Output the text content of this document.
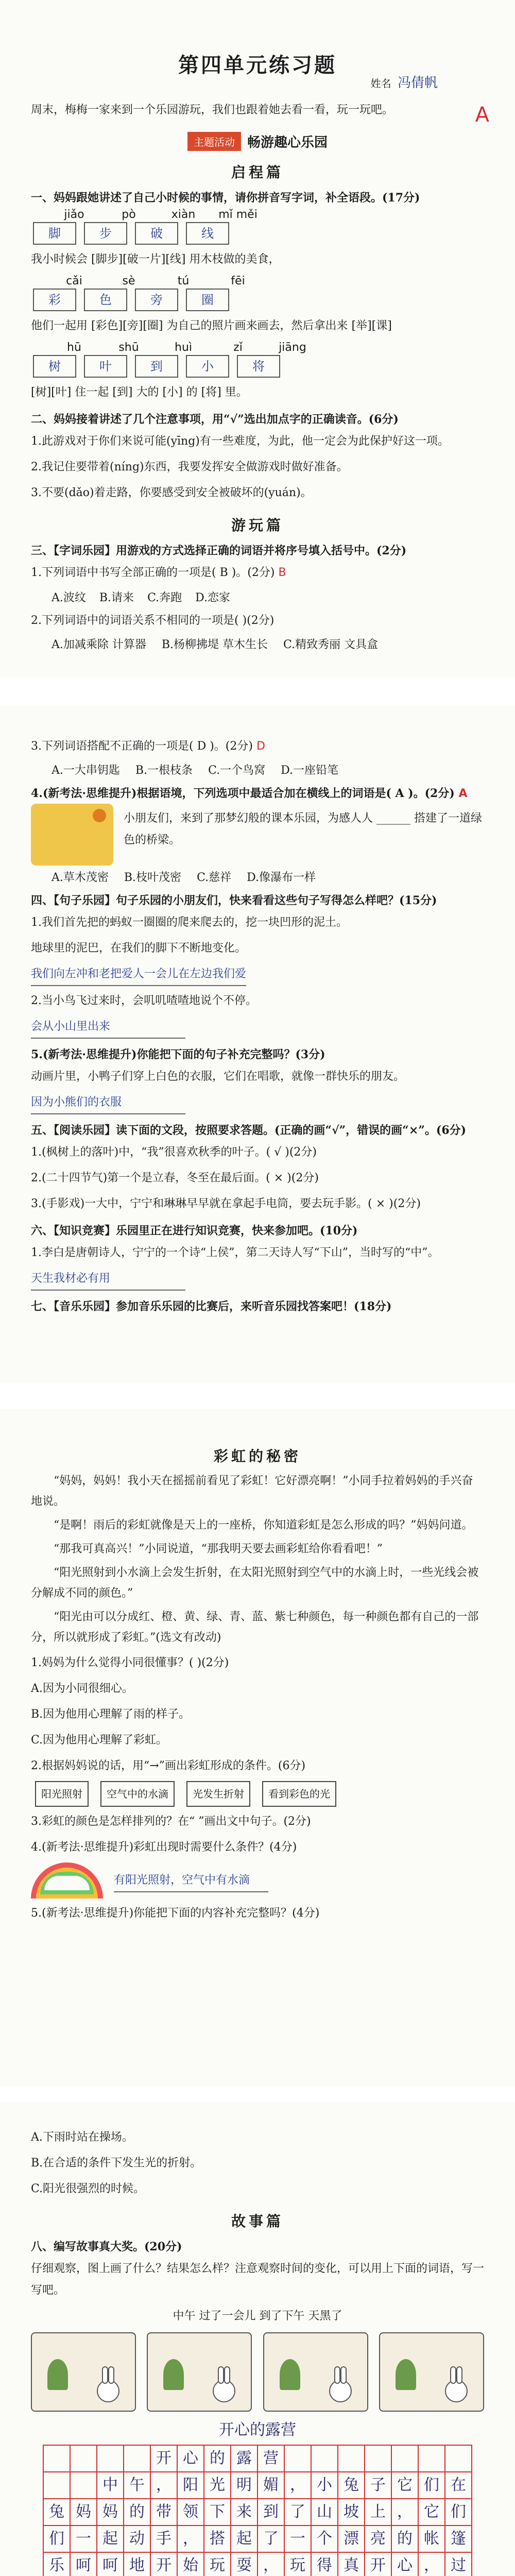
第四单元练习题
姓名 冯倩帆
A
周末，梅梅一家来到一个乐园游玩，我们也跟着她去看一看，玩一玩吧。
主题活动 畅游趣心乐园
启程篇
一、妈妈跟她讲述了自己小时候的事情，请你拼音写字词，补全语段。(17分)
jiǎo	pò	xiàn	mǐ měi
脚	步	破	线
我小时候会 [脚步][破一片][线] 用木枝做的美食，
cǎi	sè	tú	fēi
彩	色	旁	圈
他们一起用 [彩色][旁][圈] 为自己的照片画来画去，然后拿出来 [举][课]
hū	shū	huì	zǐ	jiāng
树	叶	到	小	将
[树][叶] 住一起 [到] 大的 [小] 的 [将] 里。
二、妈妈接着讲述了几个注意事项，用“√”选出加点字的正确读音。(6分)
1.此游戏对于你们来说可能(yīng)有一些难度，为此，他一定会为此保护好这一项。
2.我记住要带着(níng)东西，我要发挥安全做游戏时做好准备。
3.不要(dǎo)着走路，你要感受到安全被破坏的(yuán)。
游玩篇
三、【字词乐园】用游戏的方式选择正确的词语并将序号填入括号中。(2分)
1.下列词语中书写全部正确的一项是( B )。(2分) B
A.波纹 B.请来 C.奔跑 D.恋家
2.下列词语中的词语关系不相同的一项是( )(2分)
A.加减乘除 计算器 B.杨柳拂堤 草木生长 C.精致秀丽 文具盒
3.下列词语搭配不正确的一项是( D )。(2分) D
A.一大串钥匙 B.一根枝条 C.一个鸟窝 D.一座铅笔
4.(新考法·思维提升)根据语境，下列选项中最适合加在横线上的词语是( A )。(2分) A
小朋友们，来到了那梦幻般的课本乐园，为感人人 ______ 搭建了一道绿色的桥梁。
A.草木茂密 B.枝叶茂密 C.慈祥 D.像瀑布一样
四、【句子乐园】句子乐园的小朋友们，快来看看这些句子写得怎么样吧？(15分)
1.我们首先把的蚂蚁一圈圈的爬来爬去的，挖一块凹形的泥土。
地球里的泥巴，在我们的脚下不断地变化。
我们向左冲和老把爱人一会儿在左边我们爱
2.当小鸟飞过来时，会叽叽喳喳地说个不停。
会从小山里出来
5.(新考法·思维提升)你能把下面的句子补充完整吗？(3分)
动画片里，小鸭子们穿上白色的衣服，它们在唱歌，就像一群快乐的朋友。
因为小熊们的衣服
五、【阅读乐园】读下面的文段，按照要求答题。(正确的画“√”，错误的画“×”。(6分)
1.(枫树上的落叶)中，“我”很喜欢秋季的叶子。( √ )(2分)
2.(二十四节气)第一个是立春，冬至在最后面。( × )(2分)
3.(手影戏)一大中，宁宁和琳琳早早就在拿起手电筒，要去玩手影。( × )(2分)
六、【知识竞赛】乐园里正在进行知识竞赛，快来参加吧。(10分)
1.李白是唐朝诗人，宁宁的一个诗“上侯”，第二天诗人写“下山”，当时写的“中”。
天生我材必有用
七、【音乐乐园】参加音乐乐园的比赛后，来听音乐园找答案吧！(18分)
彩虹的秘密
“妈妈，妈妈！我小天在摇摇前看见了彩虹！它好漂亮啊！”小同手拉着妈妈的手兴奋地说。
“是啊！雨后的彩虹就像是天上的一座桥，你知道彩虹是怎么形成的吗？”妈妈问道。
“那我可真高兴！”小同说道，“那我明天要去画彩虹给你看看吧！”
“阳光照射到小水滴上会发生折射，在太阳光照射到空气中的水滴上时，一些光线会被分解成不同的颜色。”
“阳光由可以分成红、橙、黄、绿、青、蓝、紫七种颜色，每一种颜色都有自己的一部分，所以就形成了彩虹。”(选文有改动)
1.妈妈为什么觉得小同很懂事？( )(2分)
A.因为小同很细心。
B.因为他用心理解了雨的样子。
C.因为他用心理解了彩虹。
2.根据妈妈说的话，用“→”画出彩虹形成的条件。(6分)
阳光照射 空气中的水滴 光发生折射 看到彩色的光
3.彩虹的颜色是怎样排列的？在“ ”画出文中句子。(2分)
4.(新考法·思维提升)彩虹出现时需要什么条件？(4分)
有阳光照射，空气中有水滴
5.(新考法·思维提升)你能把下面的内容补充完整吗？(4分)
A.下雨时站在操场。
B.在合适的条件下发生光的折射。
C.阳光很强烈的时候。
故事篇
八、编写故事真大奖。(20分)
仔细观察，图上画了什么？结果怎么样？注意观察时间的变化，可以用上下面的词语，写一写吧。
中午 过了一会儿 到了下午 天黑了
开心的露营

开 心 的 露 营

中 午 ， 阳 光 明 媚 ， 小 兔 子 它 们 在
兔 妈 妈 的 带 领 下 来 到 了 山 坡 上 ， 它 们
们 一 起 动 手 ， 搭 起 了 一 个 漂 亮 的 帐 篷
乐 呵 呵 地 开 始 玩 耍 ， 玩 得 真 开 心 ， 过
